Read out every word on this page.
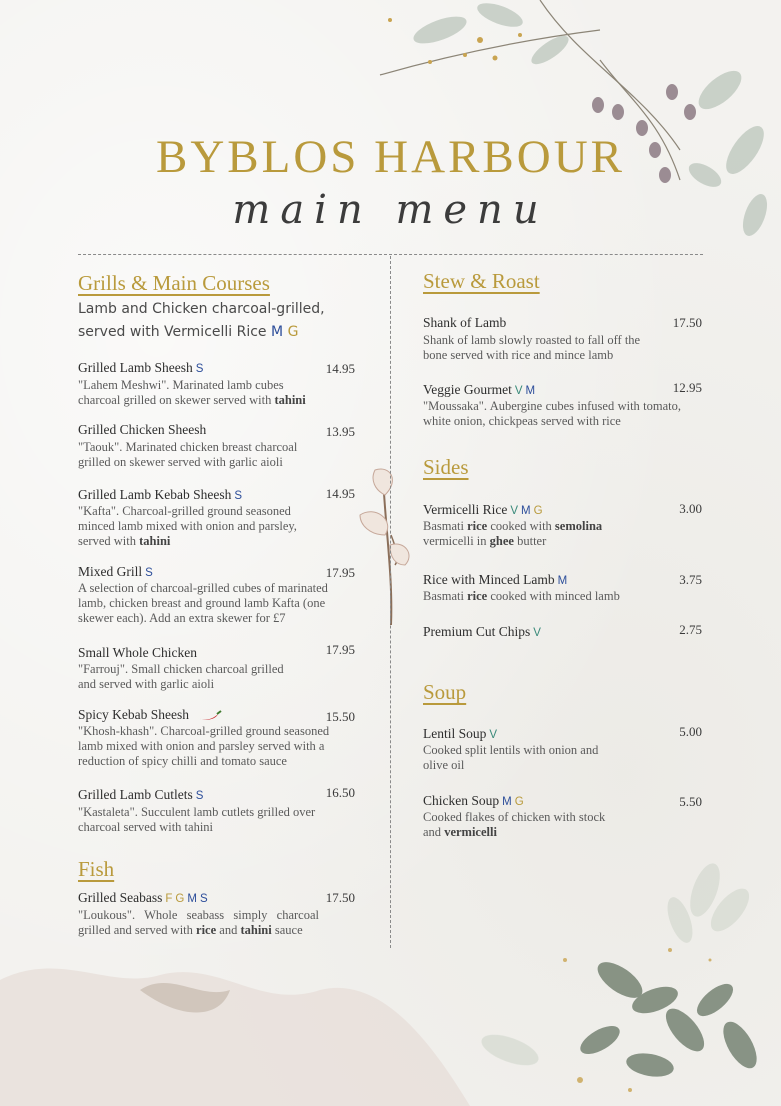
BYBLOS HARBOUR
main menu
Grills & Main Courses
Lamb and Chicken charcoal-grilled, served with Vermicelli Rice M G
Grilled Lamb Sheesh S	14.95
"Lahem Meshwi". Marinated lamb cubes charcoal grilled on skewer served with tahini
Grilled Chicken Sheesh	13.95
"Taouk". Marinated chicken breast charcoal grilled on skewer served with garlic aioli
Grilled Lamb Kebab Sheesh S	14.95
"Kafta". Charcoal-grilled ground seasoned minced lamb mixed with onion and parsley, served with tahini
Mixed Grill S	17.95
A selection of charcoal-grilled cubes of marinated lamb, chicken breast and ground lamb Kafta (one skewer each). Add an extra skewer for £7
Small Whole Chicken	17.95
"Farrouj". Small chicken charcoal grilled and served with garlic aioli
Spicy Kebab Sheesh	15.50
"Khosh-khash". Charcoal-grilled ground seasoned lamb mixed with onion and parsley served with a reduction of spicy chilli and tomato sauce
Grilled Lamb Cutlets S	16.50
"Kastaleta". Succulent lamb cutlets grilled over charcoal served with tahini
Fish
Grilled Seabass F G M S	17.50
"Loukous". Whole seabass simply charcoal grilled and served with rice and tahini sauce
Stew & Roast
Shank of Lamb	17.50
Shank of lamb slowly roasted to fall off the bone served with rice and mince lamb
Veggie Gourmet V M	12.95
"Moussaka". Aubergine cubes infused with tomato, white onion, chickpeas served with rice
Sides
Vermicelli Rice V M G	3.00
Basmati rice cooked with semolina vermicelli in ghee butter
Rice with Minced Lamb M	3.75
Basmati rice cooked with minced lamb
Premium Cut Chips V	2.75
Soup
Lentil Soup V	5.00
Cooked split lentils with onion and olive oil
Chicken Soup M G	5.50
Cooked flakes of chicken with stock and vermicelli
